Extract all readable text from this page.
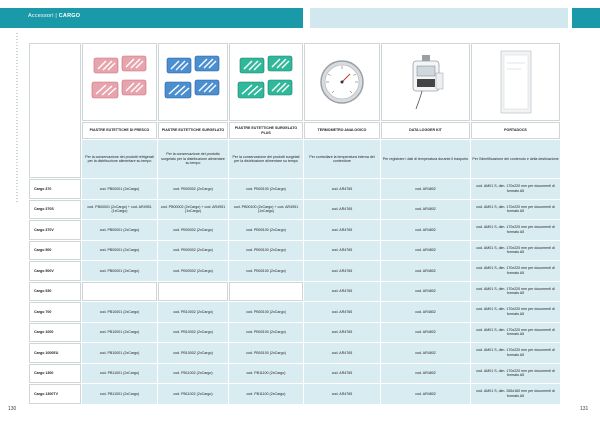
Accessori | CARGO

	PIASTRE EUTETTICHE DI FRESCO	PIASTRE EUTETTICHE SURGELATO	PIASTRE EUTETTICHE SURGELATO PLUS	TERMOMETRO ANALOGICO	DATA LOGGER KIT	PORTADOCS
	Per la conservazione dei prodotti refrigerati per la distribuzione alimentare su tempo	Per la conservazione del prodotto surgelato per la distribuzione alimentare su tempo	Per la conservazione dei prodotti surgelati per la distribuzione alimentare su tempo	Per controllare la temperatura interna del contenitore	Per registrare i dati di temperatura durante il trasporto	Per l'identificazione del contenuto e della destinazione
Cargo 370	cod. PB00001 (2xCargo)	cod. PB00002 (2xCargo)	cod. PB00100 (2xCargo)	cod. AR4765	cod. AR4802	cod. AM01 S, dim. 170x220 mm per documenti di formato A5
Cargo 370S	cod. PB00001 (2xCargo) + cod. AR4951 (1xCargo)	cod. PB00002 (2xCargo) + cod. AR4951 (1xCargo)	cod. PB00100 (2xCargo) + cod. AR4951 (1xCargo)	cod. AR4765	cod. AR4802	cod. AM01 S, dim. 170x220 mm per documenti di formato A5
Cargo 370V	cod. PB00001 (2xCargo)	cod. PB00002 (2xCargo)	cod. PB00100 (2xCargo)	cod. AR4765	cod. AR4802	cod. AM01 S, dim. 170x220 mm per documenti di formato A5
Cargo 500	cod. PB00001 (2xCargo)	cod. PB00002 (2xCargo)	cod. PB00100 (2xCargo)	cod. AR4765	cod. AR4802	cod. AM01 S, dim. 170x220 mm per documenti di formato A5
Cargo 500V	cod. PB00001 (2xCargo)	cod. PB00002 (2xCargo)	cod. PB00100 (2xCargo)	cod. AR4765	cod. AR4802	cod. AM01 S, dim. 170x220 mm per documenti di formato A5
Cargo 530				cod. AR4765	cod. AR4802	cod. AM01 S, dim. 170x220 mm per documenti di formato A5
Cargo 700	cod. PB10001 (2xCargo)	cod. PB10002 (2xCargo)	cod. PB00100 (2xCargo)	cod. AR4765	cod. AR4802	cod. AM01 S, dim. 170x220 mm per documenti di formato A5
Cargo 1000	cod. PB10001 (2xCargo)	cod. PB10002 (2xCargo)	cod. PB00100 (2xCargo)	cod. AR4765	cod. AR4802	cod. AM01 S, dim. 170x220 mm per documenti di formato A5
Cargo 1000EU	cod. PB10001 (2xCargo)	cod. PB10002 (2xCargo)	cod. PB00100 (2xCargo)	cod. AR4765	cod. AR4802	cod. AM01 S, dim. 170x220 mm per documenti di formato A5
Cargo 1300	cod. PB11001 (2xCargo)	cod. PB11002 (2xCargo)	cod. PB11100 (2xCargo)	cod. AR4765	cod. AR4802	cod. AM01 S, dim. 170x220 mm per documenti di formato A5
Cargo 1300TV	cod. PB11001 (2xCargo)	cod. PB11002 (2xCargo)	cod. PB11100 (2xCargo)	cod. AR4765	cod. AR4802	cod. AM01 S, dim. 265x160 mm per documenti di formato A5
130	131
